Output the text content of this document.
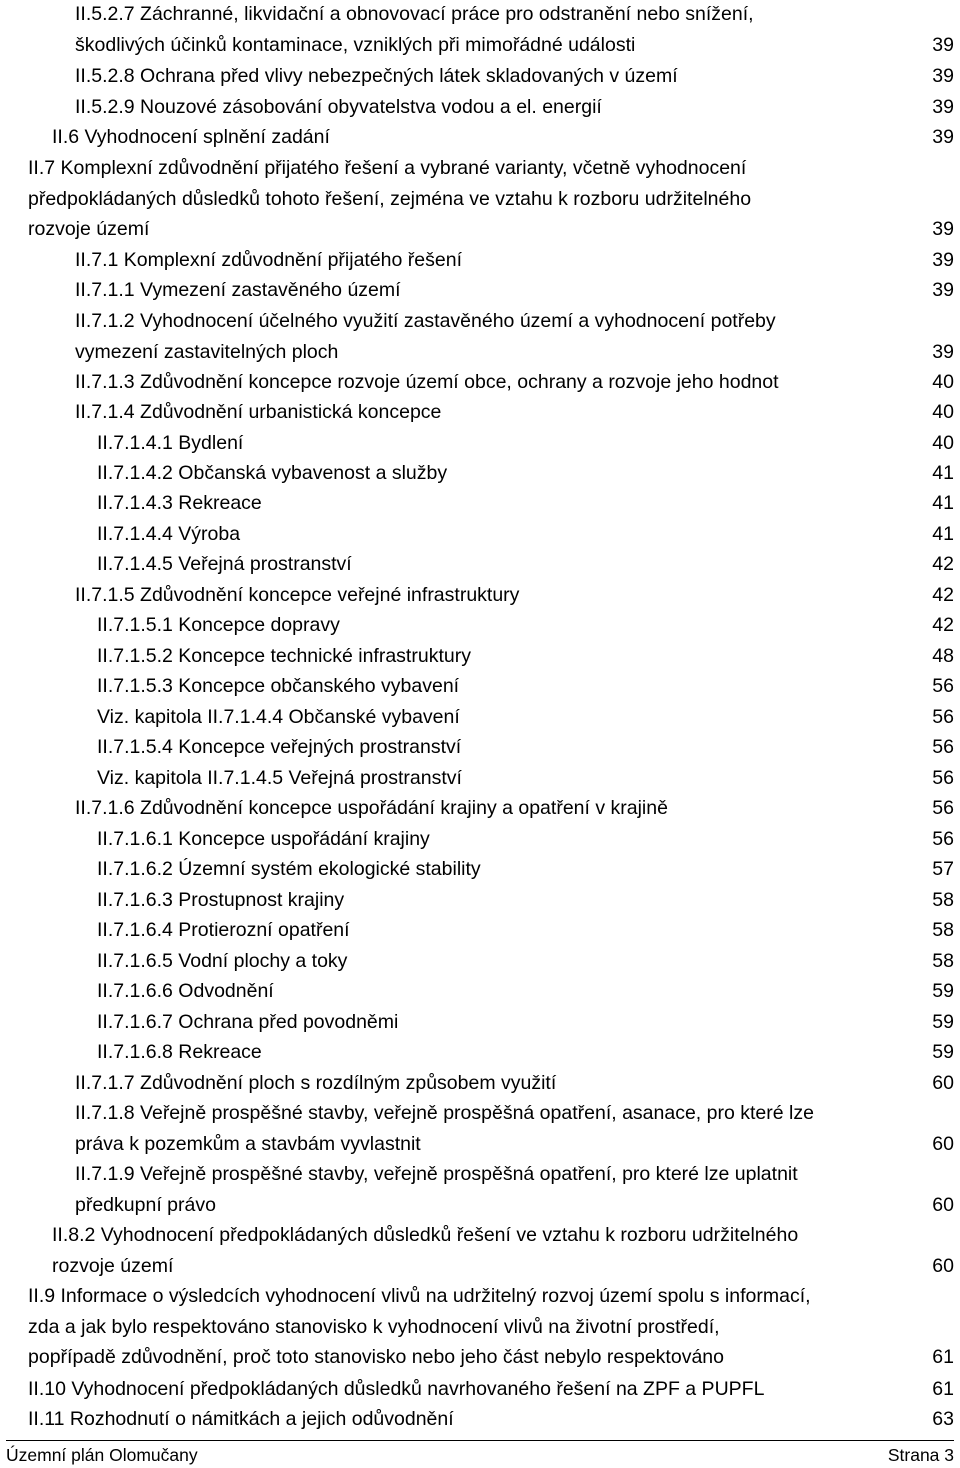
II.5.2.7 Záchranné, likvidační a obnovovací práce pro odstranění nebo snížení,
škodlivých účinků kontaminace, vzniklých při mimořádné události	39
II.5.2.8 Ochrana před vlivy nebezpečných látek skladovaných v území	39
II.5.2.9 Nouzové zásobování obyvatelstva vodou a el. energií	39
II.6 Vyhodnocení splnění zadání	39
II.7 Komplexní zdůvodnění přijatého řešení a vybrané varianty, včetně vyhodnocení
předpokládaných důsledků tohoto řešení, zejména ve vztahu k rozboru udržitelného
rozvoje území	39
II.7.1 Komplexní zdůvodnění přijatého řešení	39
II.7.1.1 Vymezení zastavěného území	39
II.7.1.2 Vyhodnocení účelného využití zastavěného území a vyhodnocení potřeby
vymezení zastavitelných ploch	39
II.7.1.3 Zdůvodnění koncepce rozvoje území obce, ochrany a rozvoje jeho hodnot	40
II.7.1.4 Zdůvodnění urbanistická koncepce	40
II.7.1.4.1 Bydlení	40
II.7.1.4.2 Občanská vybavenost a služby	41
II.7.1.4.3 Rekreace	41
II.7.1.4.4 Výroba	41
II.7.1.4.5 Veřejná prostranství	42
II.7.1.5 Zdůvodnění koncepce veřejné infrastruktury	42
II.7.1.5.1 Koncepce dopravy	42
II.7.1.5.2 Koncepce technické infrastruktury	48
II.7.1.5.3 Koncepce občanského vybavení	56
Viz. kapitola II.7.1.4.4 Občanské vybavení	56
II.7.1.5.4 Koncepce veřejných prostranství	56
Viz. kapitola II.7.1.4.5 Veřejná prostranství	56
II.7.1.6 Zdůvodnění koncepce uspořádání krajiny a opatření v krajině	56
II.7.1.6.1 Koncepce uspořádání krajiny	56
II.7.1.6.2 Územní systém ekologické stability	57
II.7.1.6.3 Prostupnost krajiny	58
II.7.1.6.4 Protierozní opatření	58
II.7.1.6.5 Vodní plochy a toky	58
II.7.1.6.6 Odvodnění	59
II.7.1.6.7 Ochrana před povodněmi	59
II.7.1.6.8 Rekreace	59
II.7.1.7 Zdůvodnění ploch s rozdílným způsobem využití	60
II.7.1.8 Veřejně prospěšné stavby, veřejně prospěšná opatření, asanace, pro které lze
práva k pozemkům a stavbám vyvlastnit	60
II.7.1.9 Veřejně prospěšné stavby, veřejně prospěšná opatření, pro které lze uplatnit
předkupní právo	60
II.8.2 Vyhodnocení předpokládaných důsledků řešení ve vztahu k rozboru udržitelného
rozvoje území	60
II.9 Informace o výsledcích vyhodnocení vlivů na udržitelný rozvoj území spolu s informací,
zda a jak bylo respektováno stanovisko k vyhodnocení vlivů na životní prostředí,
popřípadě zdůvodnění, proč toto stanovisko nebo jeho část nebylo respektováno	61
II.10 Vyhodnocení předpokládaných důsledků navrhovaného řešení na ZPF a PUPFL	61
II.11 Rozhodnutí o námitkách a jejich odůvodnění	63
Územní plán Olomučany	Strana 3
